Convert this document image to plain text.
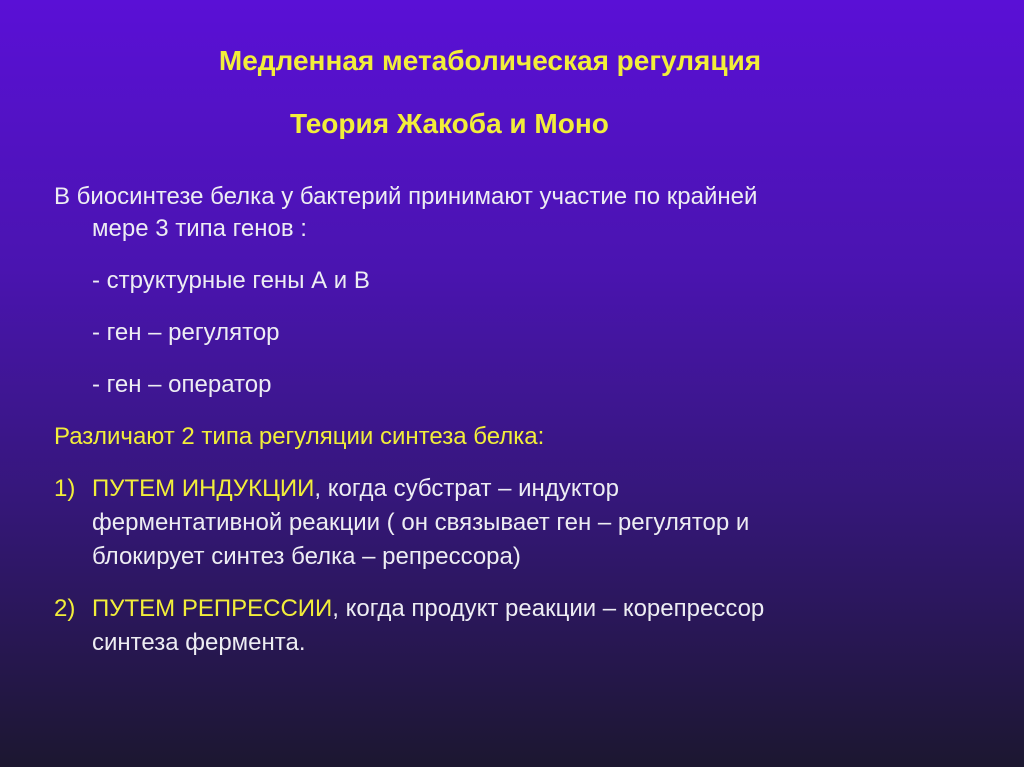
Медленная метаболическая регуляция
Теория Жакоба и Моно

В биосинтезе белка у бактерий принимают участие по крайней

мере 3 типа генов :

- структурные гены А и В

- ген – регулятор

- ген – оператор

Различают 2 типа регуляции синтеза белка:

1) ПУТЕМ ИНДУКЦИИ, когда субстрат – индуктор

ферментативной реакции ( он связывает ген – регулятор и

блокирует синтез белка – репрессора)

2) ПУТЕМ РЕПРЕССИИ, когда продукт реакции – корепрессор

синтеза фермента.
